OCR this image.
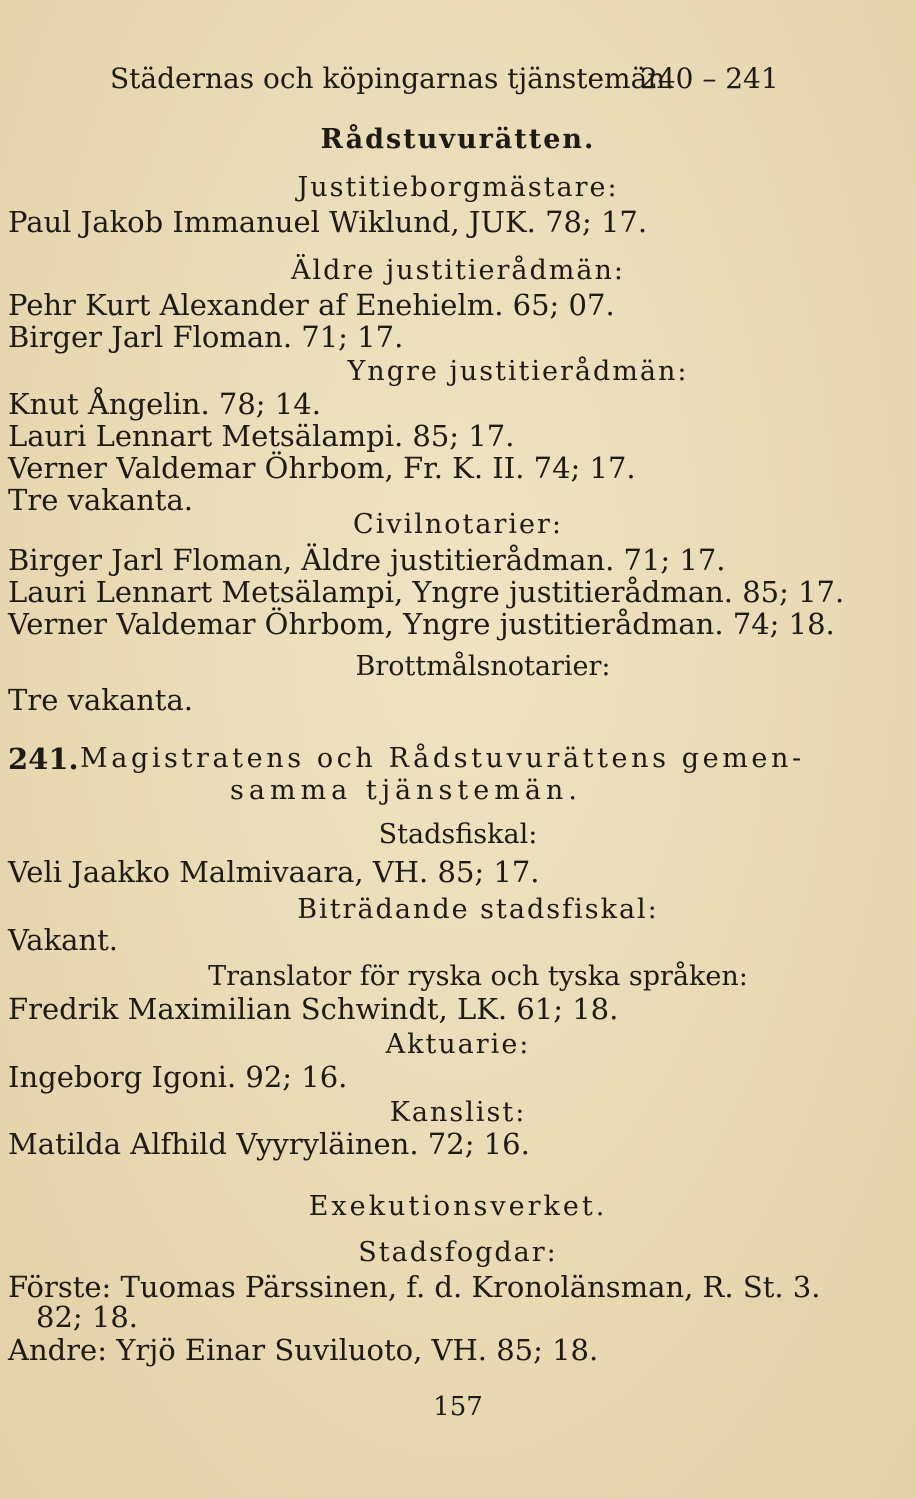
Städernas och köpingarnas tjänstemän.
240 – 241
Rådstuvurätten.
Justitieborgmästare:
Paul Jakob Immanuel Wiklund, JUK. 78; 17.
Äldre justitierådmän:
Pehr Kurt Alexander af Enehielm. 65; 07.
Birger Jarl Floman. 71; 17.
Yngre justitierådmän:
Knut Ångelin. 78; 14.
Lauri Lennart Metsälampi. 85; 17.
Verner Valdemar Öhrbom, Fr. K. II. 74; 17.
Tre vakanta.
Civilnotarier:
Birger Jarl Floman, Äldre justitierådman. 71; 17.
Lauri Lennart Metsälampi, Yngre justitierådman. 85; 17.
Verner Valdemar Öhrbom, Yngre justitierådman. 74; 18.
Brottmålsnotarier:
Tre vakanta.
241. Magistratens och Rådstuvurättens gemen-
samma tjänstemän.
Stadsfiskal:
Veli Jaakko Malmivaara, VH. 85; 17.
Biträdande stadsfiskal:
Vakant.
Translator för ryska och tyska språken:
Fredrik Maximilian Schwindt, LK. 61; 18.
Aktuarie:
Ingeborg Igoni. 92; 16.
Kanslist:
Matilda Alfhild Vyyryläinen. 72; 16.
Exekutionsverket.
Stadsfogdar:
Förste: Tuomas Pärssinen, f. d. Kronolänsman, R. St. 3.
82; 18.
Andre: Yrjö Einar Suviluoto, VH. 85; 18.
157
